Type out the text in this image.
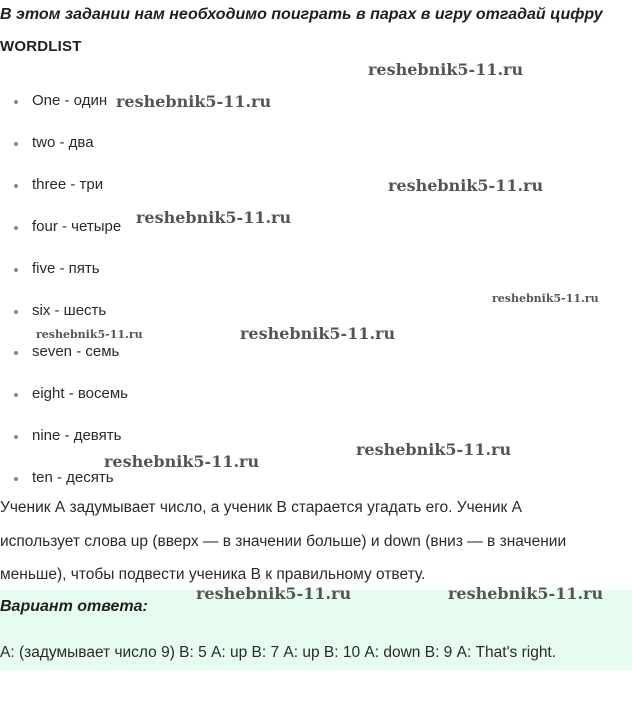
В этом задании нам необходимо поиграть в парах в игру отгадай цифру
WORDLIST
One - один
two - два
three - три
four - четыре
five - пять
six - шесть
seven - семь
eight - восемь
nine - девять
ten - десять
Ученик А задумывает число, а ученик В старается угадать его. Ученик А
использует слова up (вверх — в значении больше) и down (вниз — в значении
меньше), чтобы подвести ученика В к правильному ответу.
Вариант ответа:
А: (задумывает число 9) В: 5 А: up В: 7 А: up В: 10 А: down В: 9 А: That's right.
reshebnik5-11.ru
reshebnik5-11.ru
reshebnik5-11.ru
reshebnik5-11.ru
reshebnik5-11.ru
reshebnik5-11.ru	reshebnik5-11.ru
reshebnik5-11.ru
reshebnik5-11.ru
reshebnik5-11.ru	reshebnik5-11.ru
